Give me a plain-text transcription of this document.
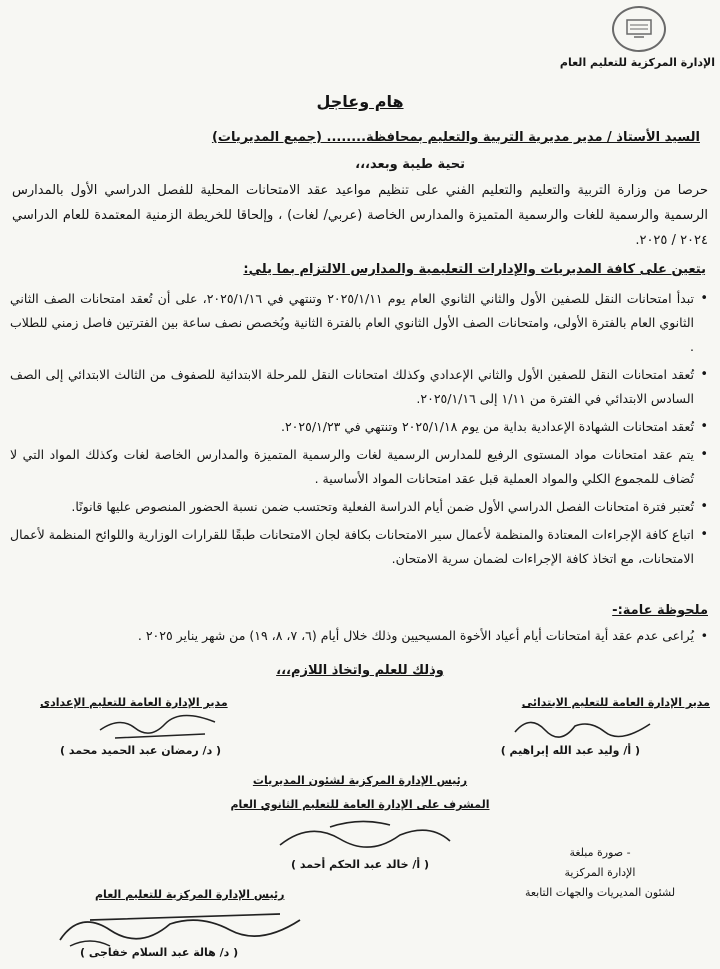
الإدارة المركزية للتعليم العام
هام وعاجل
السيد الأستاذ / مدير مديرية التربية والتعليم بمحافظة........ (جميع المديريات)
تحية طيبة وبعد،،،
حرصا من وزارة التربية والتعليم والتعليم الفني على تنظيم مواعيد عقد الامتحانات المحلية للفصل الدراسي الأول بالمدارس الرسمية والرسمية للغات والرسمية المتميزة والمدارس الخاصة (عربي/ لغات) ، وإلحاقا للخريطة الزمنية المعتمدة للعام الدراسي ٢٠٢٤ / ٢٠٢٥.
يتعين على كافة المديريات والإدارات التعليمية والمدارس الالتزام بما يلي:
• تبدأ امتحانات النقل للصفين الأول والثاني الثانوي العام يوم ٢٠٢٥/١/١١ وتنتهي في ٢٠٢٥/١/١٦، على أن تُعقد امتحانات الصف الثاني الثانوي العام بالفترة الأولى، وامتحانات الصف الأول الثانوي العام بالفترة الثانية ويُخصص نصف ساعة بين الفترتين فاصل زمني للطلاب .
• تُعقد امتحانات النقل للصفين الأول والثاني الإعدادي وكذلك امتحانات النقل للمرحلة الابتدائية للصفوف من الثالث الابتدائي إلى الصف السادس الابتدائي في الفترة من ١/١١ إلى ٢٠٢٥/١/١٦.
• تُعقد امتحانات الشهادة الإعدادية بداية من يوم ٢٠٢٥/١/١٨ وتنتهي في ٢٠٢٥/١/٢٣.
• يتم عقد امتحانات مواد المستوى الرفيع للمدارس الرسمية لغات والرسمية المتميزة والمدارس الخاصة لغات وكذلك المواد التي لا تُضاف للمجموع الكلي والمواد العملية قبل عقد امتحانات المواد الأساسية .
• تُعتبر فترة امتحانات الفصل الدراسي الأول ضمن أيام الدراسة الفعلية وتحتسب ضمن نسبة الحضور المنصوص عليها قانونًا.
• اتباع كافة الإجراءات المعتادة والمنظمة لأعمال سير الامتحانات بكافة لجان الامتحانات طبقًا للقرارات الوزارية واللوائح المنظمة لأعمال الامتحانات، مع اتخاذ كافة الإجراءات لضمان سرية الامتحان.
ملحوظة عامة:-
• يُراعى عدم عقد أية امتحانات أيام أعياد الأخوة المسيحيين وذلك خلال أيام (٦، ٧، ٨، ١٩) من شهر يناير ٢٠٢٥ .
وذلك للعلم واتخاذ اللازم،،،
مدير الإدارة العامة للتعليم الابتدائى
( أ/ وليد عبد الله إبراهيم )
مدير الإدارة العامة للتعليم الإعدادى
( د/ رمضان عبد الحميد محمد )
رئيس الإدارة المركزية لشئون المديريات
المشرف على الإدارة العامة للتعليم الثانوي العام
( أ/ خالد عبد الحكم أحمد )
- صورة مبلغة
الإدارة المركزية
لشئون المديريات والجهات التابعة
رئيس الإدارة المركزية للتعليم العام
( د/ هالة عبد السلام خفاجى )
